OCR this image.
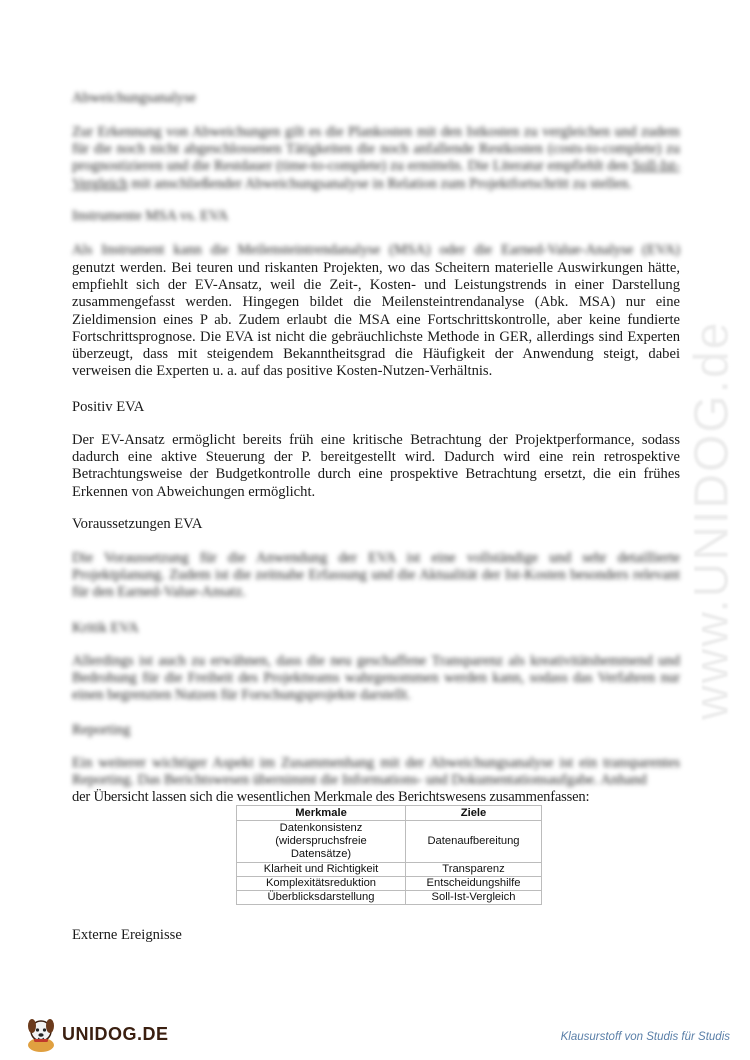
www.UNIDOG.de

Abweichungsanalyse

Zur Erkennung von Abweichungen gilt es die Plankosten mit den Istkosten zu vergleichen und zudem für die noch nicht abgeschlossenen Tätigkeiten die noch anfallende Restkosten (costs-to-complete) zu prognostizieren und die Restdauer (time-to-complete) zu ermitteln. Die Literatur empfiehlt den Soll-Ist-Vergleich mit anschließender Abweichungsanalyse in Relation zum Projektfortschritt zu stellen.

Instrumente MSA vs. EVA

Als Instrument kann die Meilensteintrendanalyse (MSA) oder die Earned-Value-Analyse (EVA)

genutzt werden. Bei teuren und riskanten Projekten, wo das Scheitern materielle Auswirkungen hätte, empfiehlt sich der EV-Ansatz, weil die Zeit-, Kosten- und Leistungstrends in einer Darstellung zusammengefasst werden. Hingegen bildet die Meilensteintrendanalyse (Abk. MSA) nur eine Zieldimension eines P ab. Zudem erlaubt die MSA eine Fortschrittskontrolle, aber keine fundierte Fortschrittsprognose. Die EVA ist nicht die gebräuchlichste Methode in GER, allerdings sind Experten überzeugt, dass mit steigendem Bekanntheitsgrad die Häufigkeit der Anwendung steigt, dabei verweisen die Experten u. a. auf das positive Kosten-Nutzen-Verhältnis.

Positiv EVA

Der EV-Ansatz ermöglicht bereits früh eine kritische Betrachtung der Projektperformance, sodass dadurch eine aktive Steuerung der P. bereitgestellt wird. Dadurch wird eine rein retrospektive Betrachtungsweise der Budgetkontrolle durch eine prospektive Betrachtung ersetzt, die ein frühes Erkennen von Abweichungen ermöglicht.

Voraussetzungen EVA

Die Voraussetzung für die Anwendung der EVA ist eine vollständige und sehr detaillierte Projektplanung. Zudem ist die zeitnahe Erfassung und die Aktualität der Ist-Kosten besonders relevant für den Earned-Value-Ansatz.

Kritik EVA

Allerdings ist auch zu erwähnen, dass die neu geschaffene Transparenz als kreativitätshemmend und Bedrohung für die Freiheit des Projektteams wahrgenommen werden kann, sodass das Verfahren nur einen begrenzten Nutzen für Forschungsprojekte darstellt.

Reporting

Ein weiterer wichtiger Aspekt im Zusammenhang mit der Abweichungsanalyse ist ein transparentes Reporting. Das Berichtswesen übernimmt die Informations- und Dokumentationsaufgabe. Anhand

der Übersicht lassen sich die wesentlichen Merkmale des Berichtswesens zusammenfassen:

Merkmale	Ziele
Datenkonsistenz (widerspruchsfreie Datensätze)	Datenaufbereitung
Klarheit und Richtigkeit	Transparenz
Komplexitätsreduktion	Entscheidungshilfe
Überblicksdarstellung	Soll-Ist-Vergleich

Externe Ereignisse

UNIDOG.DE	Klausurstoff von Studis für Studis
